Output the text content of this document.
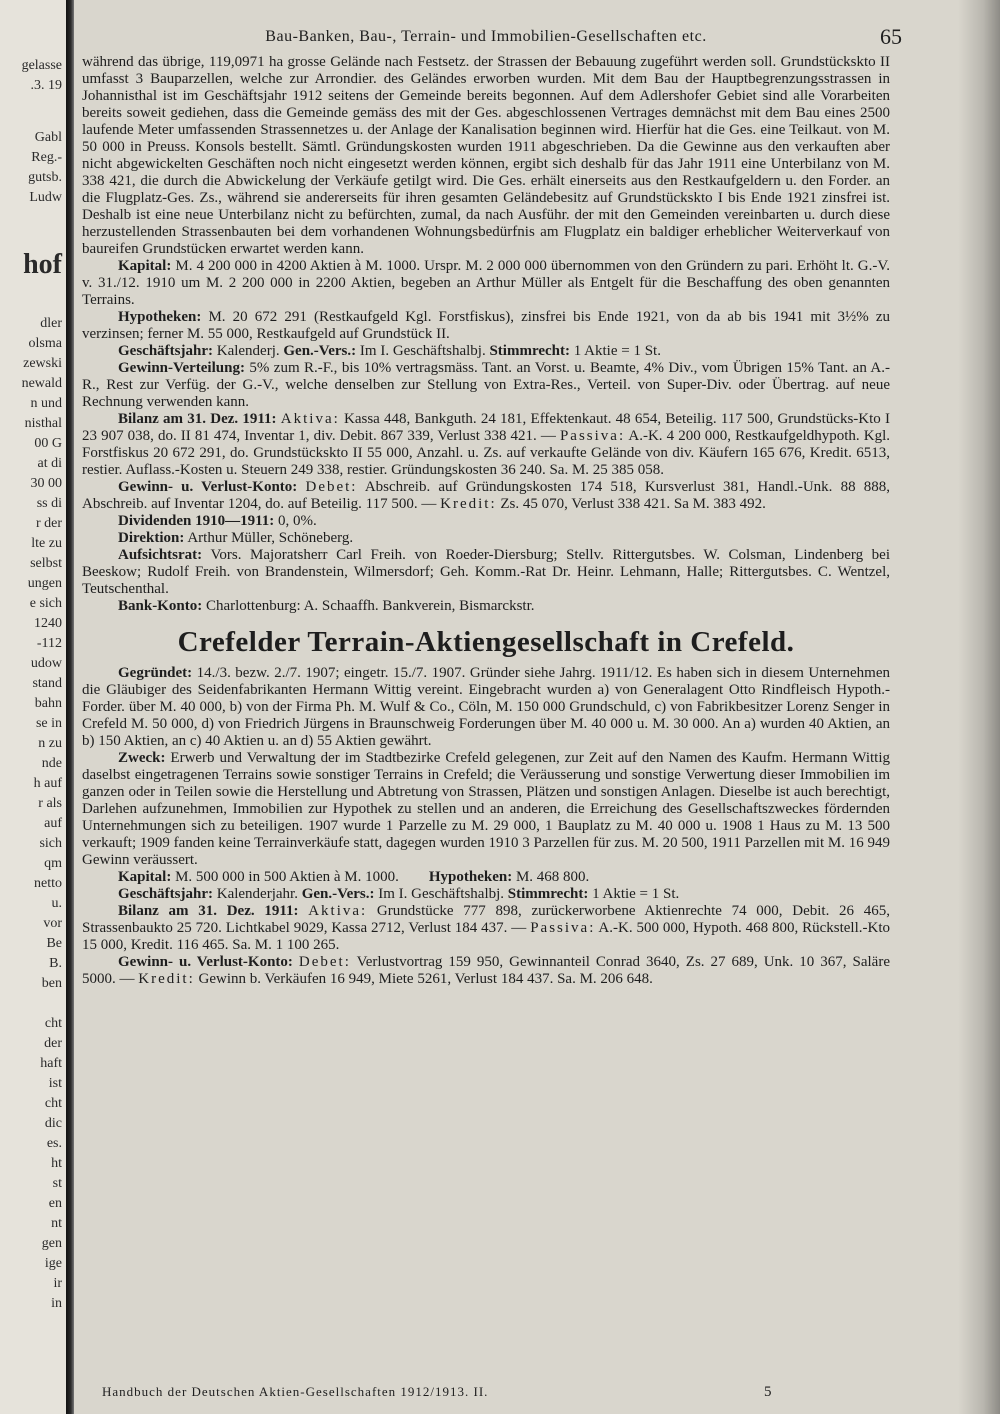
gelasse
.3. 19
Gabl
Reg.-
gutsb.
Ludw
hof
dler
olsma
zewski
newald
n und
nisthal
00 G
at di
30 00
ss di
r der
lte zu
selbst
ungen
e sich
1240
-112
udow
stand
bahn
se in
n zu
nde
h auf
r als
auf
sich
qm
netto
u.
vor
Be
B.
ben
cht
der
haft
ist
cht
dic
es.
ht
st
en
nt
gen
ige
ir
in
Bau-Banken, Bau-, Terrain- und Immobilien-Gesellschaften etc.	65

während das übrige, 119,0971 ha grosse Gelände nach Festsetz. der Strassen der Bebauung zugeführt werden soll. Grundstückskto II umfasst 3 Bauparzellen, welche zur Arrondier. des Geländes erworben wurden. Mit dem Bau der Hauptbegrenzungsstrassen in Johannisthal ist im Geschäftsjahr 1912 seitens der Gemeinde bereits begonnen. Auf dem Adlershofer Gebiet sind alle Vorarbeiten bereits soweit gediehen, dass die Gemeinde gemäss des mit der Ges. abgeschlossenen Vertrages demnächst mit dem Bau eines 2500 laufende Meter umfassenden Strassennetzes u. der Anlage der Kanalisation beginnen wird. Hierfür hat die Ges. eine Teilkaut. von M. 50 000 in Preuss. Konsols bestellt. Sämtl. Gründungskosten wurden 1911 abgeschrieben. Da die Gewinne aus den verkauften aber nicht abgewickelten Geschäften noch nicht eingesetzt werden können, ergibt sich deshalb für das Jahr 1911 eine Unterbilanz von M. 338 421, die durch die Abwickelung der Verkäufe getilgt wird. Die Ges. erhält einerseits aus den Restkaufgeldern u. den Forder. an die Flugplatz-Ges. Zs., während sie andererseits für ihren gesamten Geländebesitz auf Grundstückskto I bis Ende 1921 zinsfrei ist. Deshalb ist eine neue Unterbilanz nicht zu befürchten, zumal, da nach Ausführ. der mit den Gemeinden vereinbarten u. durch diese herzustellenden Strassenbauten bei dem vorhandenen Wohnungsbedürfnis am Flugplatz ein baldiger erheblicher Weiterverkauf von baureifen Grundstücken erwartet werden kann.

Kapital: M. 4 200 000 in 4200 Aktien à M. 1000. Urspr. M. 2 000 000 übernommen von den Gründern zu pari. Erhöht lt. G.-V. v. 31./12. 1910 um M. 2 200 000 in 2200 Aktien, begeben an Arthur Müller als Entgelt für die Beschaffung des oben genannten Terrains.

Hypotheken: M. 20 672 291 (Restkaufgeld Kgl. Forstfiskus), zinsfrei bis Ende 1921, von da ab bis 1941 mit 3½% zu verzinsen; ferner M. 55 000, Restkaufgeld auf Grundstück II.

Geschäftsjahr: Kalenderj. Gen.-Vers.: Im I. Geschäftshalbj. Stimmrecht: 1 Aktie = 1 St.

Gewinn-Verteilung: 5% zum R.-F., bis 10% vertragsmäss. Tant. an Vorst. u. Beamte, 4% Div., vom Übrigen 15% Tant. an A.-R., Rest zur Verfüg. der G.-V., welche denselben zur Stellung von Extra-Res., Verteil. von Super-Div. oder Übertrag. auf neue Rechnung verwenden kann.

Bilanz am 31. Dez. 1911: Aktiva: Kassa 448, Bankguth. 24 181, Effektenkaut. 48 654, Beteilig. 117 500, Grundstücks-Kto I 23 907 038, do. II 81 474, Inventar 1, div. Debit. 867 339, Verlust 338 421. — Passiva: A.-K. 4 200 000, Restkaufgeldhypoth. Kgl. Forstfiskus 20 672 291, do. Grundstückskto II 55 000, Anzahl. u. Zs. auf verkaufte Gelände von div. Käufern 165 676, Kredit. 6513, restier. Auflass.-Kosten u. Steuern 249 338, restier. Gründungskosten 36 240. Sa. M. 25 385 058.

Gewinn- u. Verlust-Konto: Debet: Abschreib. auf Gründungskosten 174 518, Kursverlust 381, Handl.-Unk. 88 888, Abschreib. auf Inventar 1204, do. auf Beteilig. 117 500. — Kredit: Zs. 45 070, Verlust 338 421. Sa M. 383 492.

Dividenden 1910—1911: 0, 0%.

Direktion: Arthur Müller, Schöneberg.

Aufsichtsrat: Vors. Majoratsherr Carl Freih. von Roeder-Diersburg; Stellv. Rittergutsbes. W. Colsman, Lindenberg bei Beeskow; Rudolf Freih. von Brandenstein, Wilmersdorf; Geh. Komm.-Rat Dr. Heinr. Lehmann, Halle; Rittergutsbes. C. Wentzel, Teutschenthal.

Bank-Konto: Charlottenburg: A. Schaaffh. Bankverein, Bismarckstr.

Crefelder Terrain-Aktiengesellschaft in Crefeld.

Gegründet: 14./3. bezw. 2./7. 1907; eingetr. 15./7. 1907. Gründer siehe Jahrg. 1911/12. Es haben sich in diesem Unternehmen die Gläubiger des Seidenfabrikanten Hermann Wittig vereint. Eingebracht wurden a) von Generalagent Otto Rindfleisch Hypoth.-Forder. über M. 40 000, b) von der Firma Ph. M. Wulf & Co., Cöln, M. 150 000 Grundschuld, c) von Fabrikbesitzer Lorenz Senger in Crefeld M. 50 000, d) von Friedrich Jürgens in Braunschweig Forderungen über M. 40 000 u. M. 30 000. An a) wurden 40 Aktien, an b) 150 Aktien, an c) 40 Aktien u. an d) 55 Aktien gewährt.

Zweck: Erwerb und Verwaltung der im Stadtbezirke Crefeld gelegenen, zur Zeit auf den Namen des Kaufm. Hermann Wittig daselbst eingetragenen Terrains sowie sonstiger Terrains in Crefeld; die Veräusserung und sonstige Verwertung dieser Immobilien im ganzen oder in Teilen sowie die Herstellung und Abtretung von Strassen, Plätzen und sonstigen Anlagen. Dieselbe ist auch berechtigt, Darlehen aufzunehmen, Immobilien zur Hypothek zu stellen und an anderen, die Erreichung des Gesellschaftszweckes fördernden Unternehmungen sich zu beteiligen. 1907 wurde 1 Parzelle zu M. 29 000, 1 Bauplatz zu M. 40 000 u. 1908 1 Haus zu M. 13 500 verkauft; 1909 fanden keine Terrainverkäufe statt, dagegen wurden 1910 3 Parzellen für zus. M. 20 500, 1911 Parzellen mit M. 16 949 Gewinn veräussert.

Kapital: M. 500 000 in 500 Aktien à M. 1000. Hypotheken: M. 468 800.

Geschäftsjahr: Kalenderjahr. Gen.-Vers.: Im I. Geschäftshalbj. Stimmrecht: 1 Aktie = 1 St.

Bilanz am 31. Dez. 1911: Aktiva: Grundstücke 777 898, zurückerworbene Aktienrechte 74 000, Debit. 26 465, Strassenbaukto 25 720. Lichtkabel 9029, Kassa 2712, Verlust 184 437. — Passiva: A.-K. 500 000, Hypoth. 468 800, Rückstell.-Kto 15 000, Kredit. 116 465. Sa. M. 1 100 265.

Gewinn- u. Verlust-Konto: Debet: Verlustvortrag 159 950, Gewinnanteil Conrad 3640, Zs. 27 689, Unk. 10 367, Saläre 5000. — Kredit: Gewinn b. Verkäufen 16 949, Miete 5261, Verlust 184 437. Sa. M. 206 648.

Handbuch der Deutschen Aktien-Gesellschaften 1912/1913. II.	5
